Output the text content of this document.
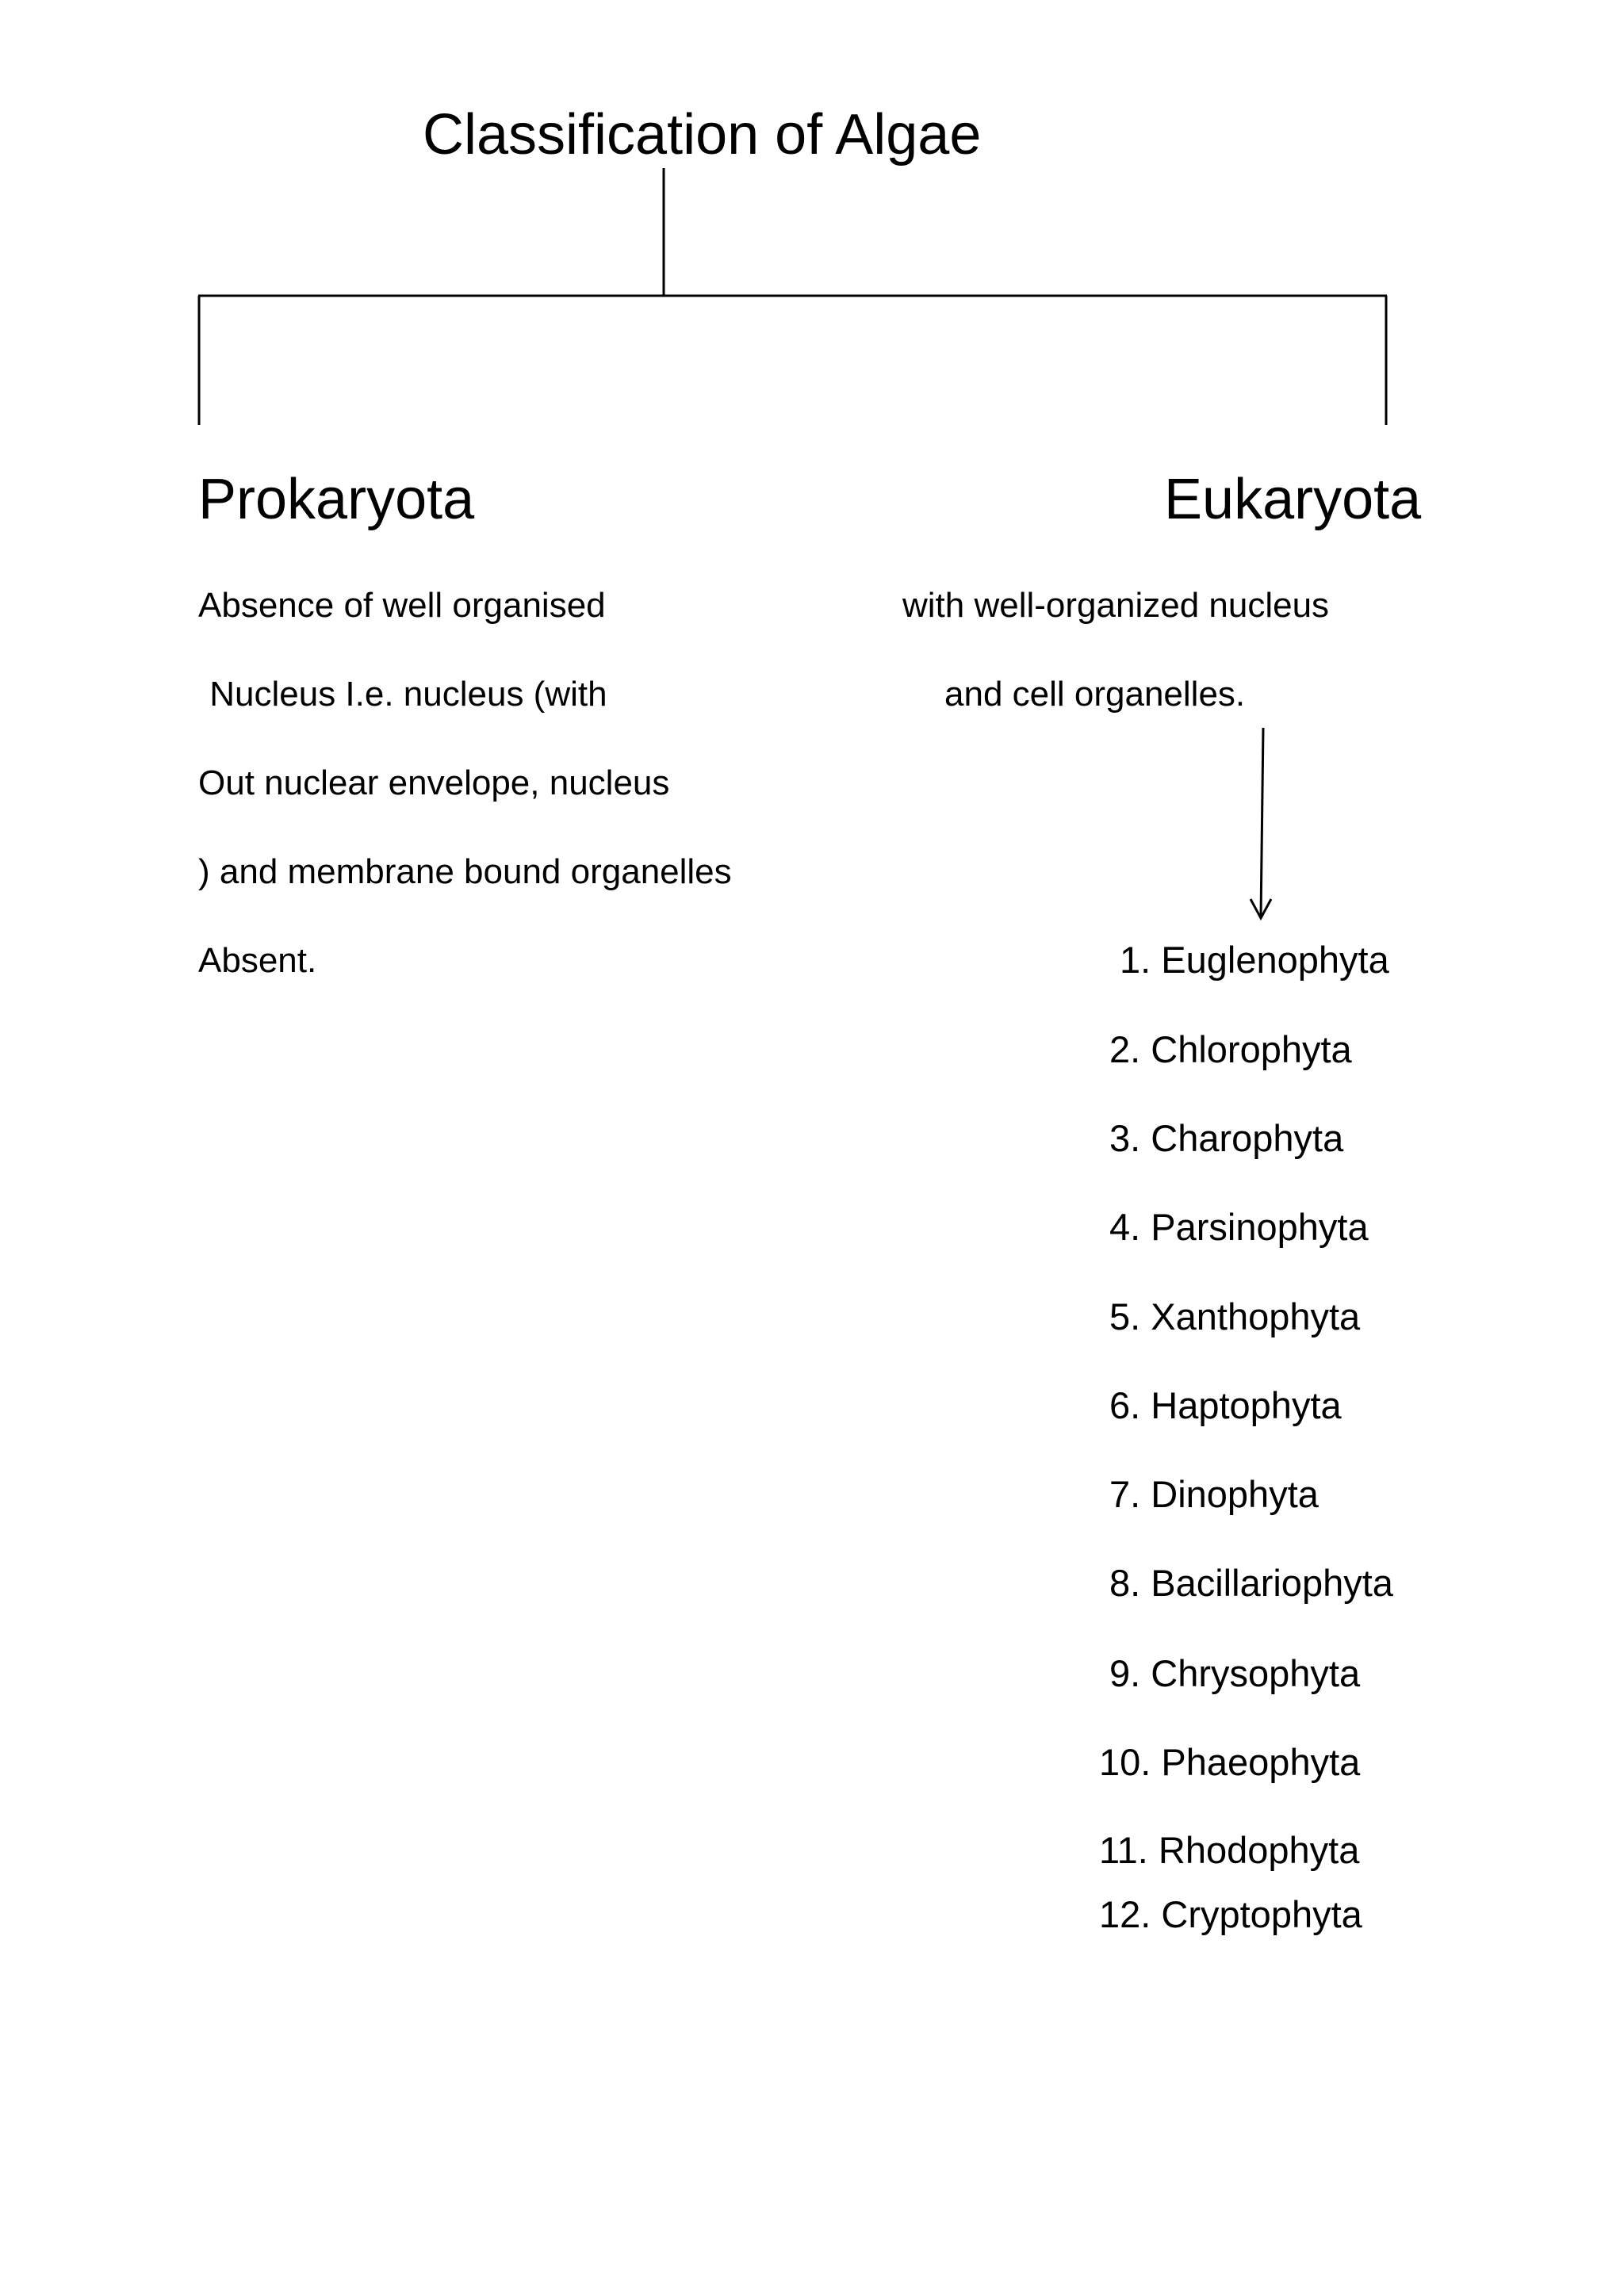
Classification of Algae
Prokaryota	Eukaryota
Absence of well organised
Nucleus I.e. nucleus (with
Out nuclear envelope, nucleus
) and membrane bound organelles
Absent.
with well-organized nucleus
and cell organelles.
1. Euglenophyta
2. Chlorophyta
3. Charophyta
4. Parsinophyta
5. Xanthophyta
6. Haptophyta
7. Dinophyta
8. Bacillariophyta
9. Chrysophyta
10. Phaeophyta
11. Rhodophyta
12. Cryptophyta
